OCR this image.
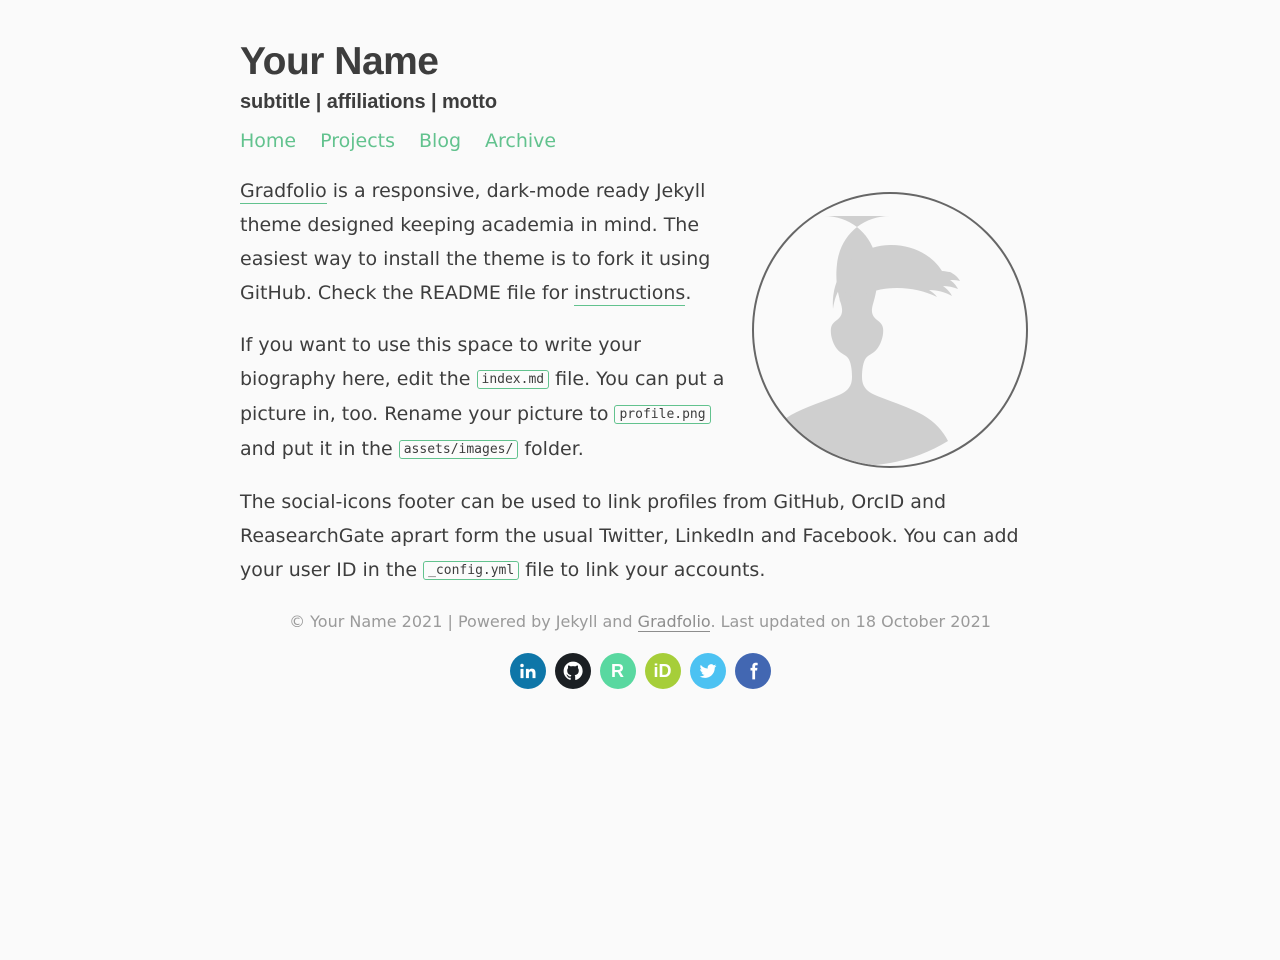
Your Name
subtitle | affiliations | motto
Home Projects Blog Archive

Gradfolio is a responsive, dark-mode ready Jekyll theme designed keeping academia in mind. The easiest way to install the theme is to fork it using GitHub. Check the README file for instructions.

If you want to use this space to write your biography here, edit the index.md file. You can put a picture in, too. Rename your picture to profile.png and put it in the assets/images/ folder.

The social-icons footer can be used to link profiles from GitHub, OrcID and ReasearchGate aprart form the usual Twitter, LinkedIn and Facebook. You can add your user ID in the _config.yml file to link your accounts.

© Your Name 2021 | Powered by Jekyll and Gradfolio. Last updated on 18 October 2021

R	iD
